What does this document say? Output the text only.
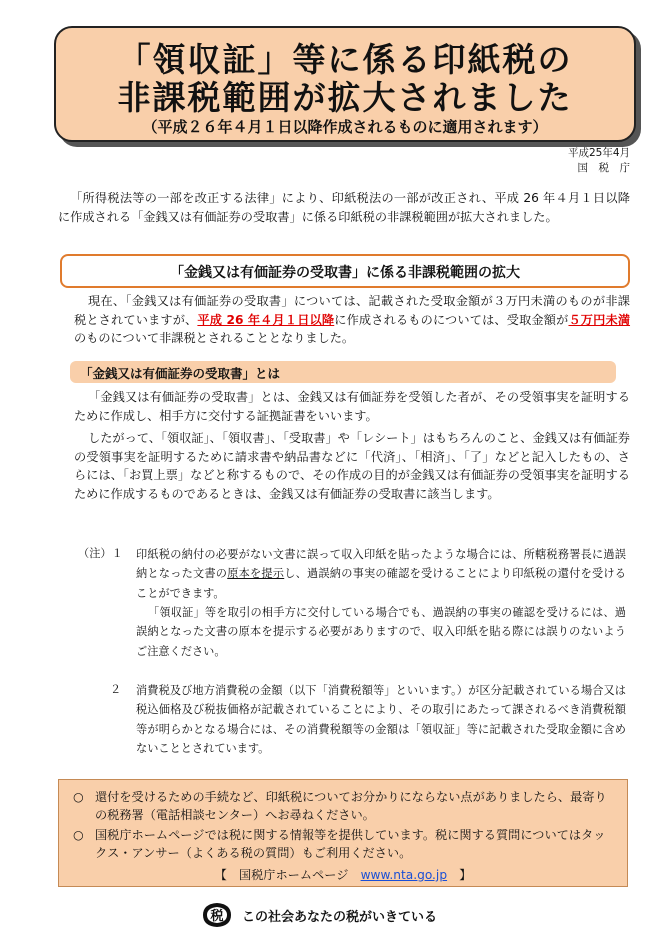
「領収証」等に係る印紙税の
非課税範囲が拡大されました
（平成２６年４月１日以降作成されるものに適用されます）
平成25年4月
国　税　庁
「所得税法等の一部を改正する法律」により、印紙税法の一部が改正され、平成 26 年４月１日以降に作成される「金銭又は有価証券の受取書」に係る印紙税の非課税範囲が拡大されました。
「金銭又は有価証券の受取書」に係る非課税範囲の拡大
現在、「金銭又は有価証券の受取書」については、記載された受取金額が３万円未満のものが非課税とされていますが、平成 26 年４月１日以降に作成されるものについては、受取金額が５万円未満のものについて非課税とされることとなりました。
「金銭又は有価証券の受取書」とは
「金銭又は有価証券の受取書」とは、金銭又は有価証券を受領した者が、その受領事実を証明するために作成し、相手方に交付する証拠証書をいいます。
したがって、「領収証」、「領収書」、「受取書」や「レシート」はもちろんのこと、金銭又は有価証券の受領事実を証明するために請求書や納品書などに「代済」、「相済」、「了」などと記入したもの、さらには、「お買上票」などと称するもので、その作成の目的が金銭又は有価証券の受領事実を証明するために作成するものであるときは、金銭又は有価証券の受取書に該当します。
（注）１ 印紙税の納付の必要がない文書に誤って収入印紙を貼ったような場合には、所轄税務署長に過誤納となった文書の原本を提示し、過誤納の事実の確認を受けることにより印紙税の還付を受けることができます。
「領収証」等を取引の相手方に交付している場合でも、過誤納の事実の確認を受けるには、過誤納となった文書の原本を提示する必要がありますので、収入印紙を貼る際には誤りのないようご注意ください。
２ 消費税及び地方消費税の金額（以下「消費税額等」といいます。）が区分記載されている場合又は税込価格及び税抜価格が記載されていることにより、その取引にあたって課されるべき消費税額等が明らかとなる場合には、その消費税額等の金額は「領収証」等に記載された受取金額に含めないこととされています。
○ 還付を受けるための手続など、印紙税についてお分かりにならない点がありましたら、最寄りの税務署（電話相談センター）へお尋ねください。
○ 国税庁ホームページでは税に関する情報等を提供しています。税に関する質問についてはタックス・アンサー（よくある税の質問）もご利用ください。
【　国税庁ホームページ　www.nta.go.jp　】
税 この社会あなたの税がいきている
